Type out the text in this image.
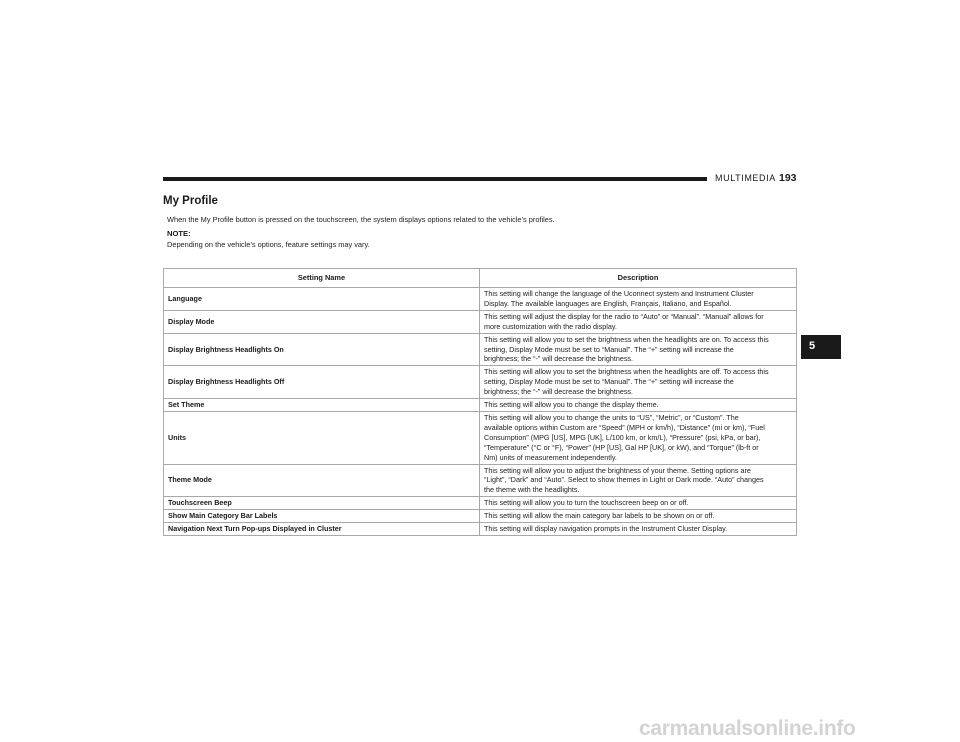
MULTIMEDIA 193
My Profile

When the My Profile button is pressed on the touchscreen, the system displays options related to the vehicle’s profiles.

NOTE:
Depending on the vehicle’s options, feature settings may vary.
5
Setting Name	Description
Language	This setting will change the language of the Uconnect system and Instrument Cluster
Display. The available languages are English, Français, Italiano, and Español.

Display Mode	This setting will adjust the display for the radio to “Auto” or “Manual”. “Manual” allows for
more customization with the radio display.

Display Brightness Headlights On	This setting will allow you to set the brightness when the headlights are on. To access this
setting, Display Mode must be set to “Manual”. The “+” setting will increase the
brightness; the “-” will decrease the brightness.

Display Brightness Headlights Off	This setting will allow you to set the brightness when the headlights are off. To access this
setting, Display Mode must be set to “Manual”. The “+” setting will increase the
brightness; the “-” will decrease the brightness.

Set Theme	This setting will allow you to change the display theme.

Units	This setting will allow you to change the units to “US”, “Metric”, or “Custom”. The
available options within Custom are “Speed” (MPH or km/h), “Distance” (mi or km), “Fuel
Consumption” (MPG [US], MPG [UK], L/100 km, or km/L), “Pressure” (psi, kPa, or bar),
“Temperature” (°C or °F), “Power” (HP [US], Gal HP [UK], or kW), and “Torque” (lb-ft or
Nm) units of measurement independently.

Theme Mode	This setting will allow you to adjust the brightness of your theme. Setting options are
“Light”, “Dark” and “Auto”. Select to show themes in Light or Dark mode. “Auto” changes
the theme with the headlights.

Touchscreen Beep	This setting will allow you to turn the touchscreen beep on or off.

Show Main Category Bar Labels	This setting will allow the main category bar labels to be shown on or off.

Navigation Next Turn Pop-ups Displayed in Cluster	This setting will display navigation prompts in the Instrument Cluster Display.
carmanualsonline.info
